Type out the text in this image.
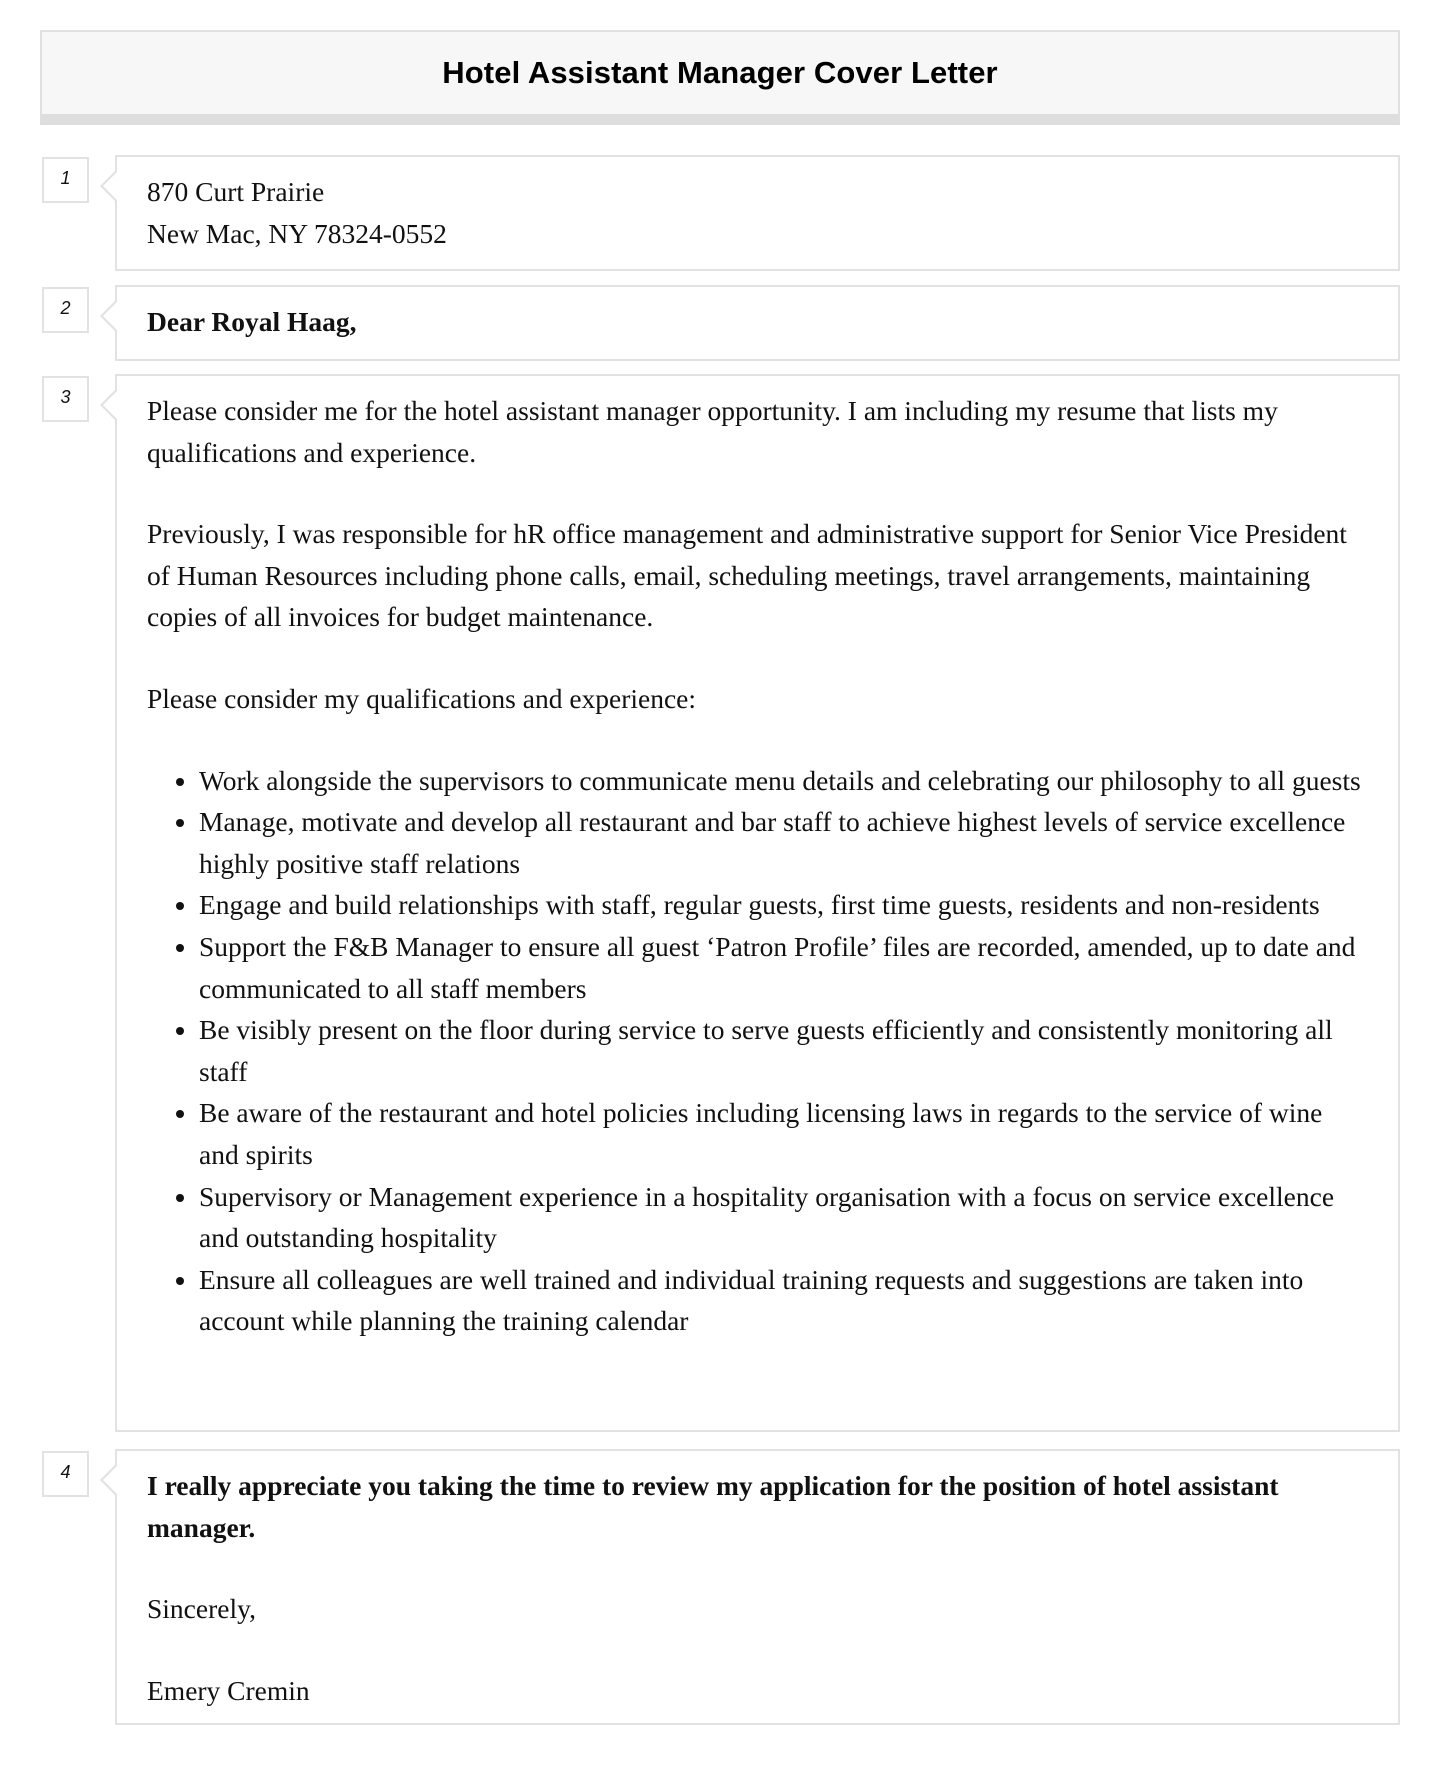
Hotel Assistant Manager Cover Letter
1	870 Curt Prairie

New Mac, NY 78324-0552

2	Dear Royal Haag,

3	Please consider me for the hotel assistant manager opportunity. I am including my resume that lists my qualifications and experience.

Previously, I was responsible for hR office management and administrative support for Senior Vice President of Human Resources including phone calls, email, scheduling meetings, travel arrangements, maintaining copies of all invoices for budget maintenance.

Please consider my qualifications and experience:

• Work alongside the supervisors to communicate menu details and celebrating our philosophy to all guests
• Manage, motivate and develop all restaurant and bar staff to achieve highest levels of service excellence highly positive staff relations
• Engage and build relationships with staff, regular guests, first time guests, residents and non-residents
• Support the F&B Manager to ensure all guest ‘Patron Profile’ files are recorded, amended, up to date and communicated to all staff members
• Be visibly present on the floor during service to serve guests efficiently and consistently monitoring all staff
• Be aware of the restaurant and hotel policies including licensing laws in regards to the service of wine and spirits
• Supervisory or Management experience in a hospitality organisation with a focus on service excellence and outstanding hospitality
• Ensure all colleagues are well trained and individual training requests and suggestions are taken into account while planning the training calendar
4	I really appreciate you taking the time to review my application for the position of hotel assistant manager.

Sincerely,

Emery Cremin
